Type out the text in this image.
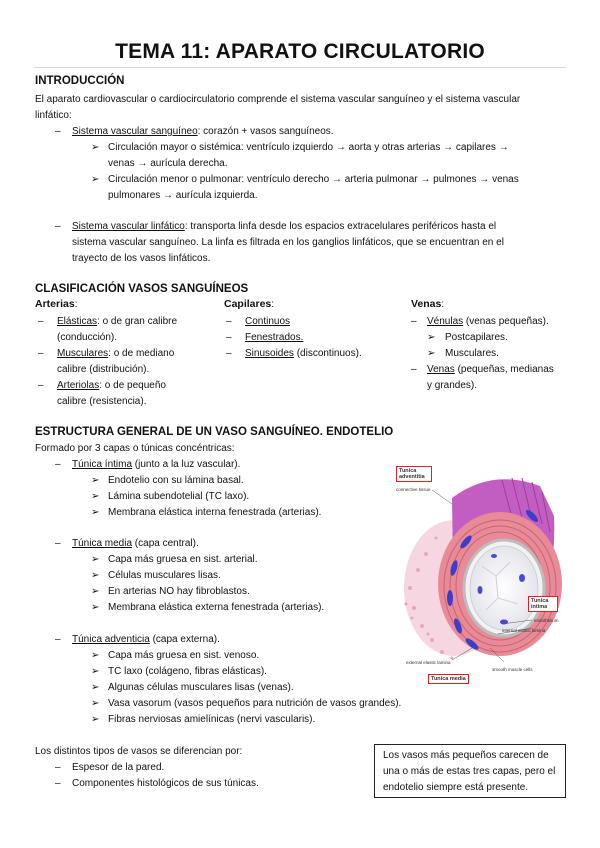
TEMA 11: APARATO CIRCULATORIO
INTRODUCCIÓN
El aparato cardiovascular o cardiocirculatorio comprende el sistema vascular sanguíneo y el sistema vascular
linfático:
– Sistema vascular sanguíneo: corazón + vasos sanguíneos.
➢ Circulación mayor o sistémica: ventrículo izquierdo → aorta y otras arterias → capilares →
venas → aurícula derecha.
➢ Circulación menor o pulmonar: ventrículo derecho → arteria pulmonar → pulmones → venas
pulmonares → aurícula izquierda.
– Sistema vascular linfático: transporta linfa desde los espacios extracelulares periféricos hasta el
sistema vascular sanguíneo. La linfa es filtrada en los ganglios linfáticos, que se encuentran en el
trayecto de los vasos linfáticos.
CLASIFICACIÓN VASOS SANGUÍNEOS
Arterias:
– Elásticas: o de gran calibre
(conducción).
– Musculares: o de mediano
calibre (distribución).
– Arteriolas: o de pequeño
calibre (resistencia).
Capilares:
– Continuos
– Fenestrados.
– Sinusoides (discontinuos).
Venas:
– Vénulas (venas pequeñas).
➢ Postcapilares.
➢ Musculares.
– Venas (pequeñas, medianas
y grandes).
ESTRUCTURA GENERAL DE UN VASO SANGUÍNEO. ENDOTELIO
Formado por 3 capas o túnicas concéntricas:
– Túnica íntima (junto a la luz vascular).
➢ Endotelio con su lámina basal.
➢ Lámina subendotelial (TC laxo).
➢ Membrana elástica interna fenestrada (arterias).
– Túnica media (capa central).
➢ Capa más gruesa en sist. arterial.
➢ Células musculares lisas.
➢ En arterias NO hay fibroblastos.
➢ Membrana elástica externa fenestrada (arterias).
– Túnica adventicia (capa externa).
➢ Capa más gruesa en sist. venoso.
➢ TC laxo (colágeno, fibras elásticas).
➢ Algunas células musculares lisas (venas).
➢ Vasa vasorum (vasos pequeños para nutrición de vasos grandes).
➢ Fibras nerviosas amielínicas (nervi vascularis).
Los distintos tipos de vasos se diferencian por:
– Espesor de la pared.
– Componentes histológicos de sus túnicas.
Los vasos más pequeños carecen de una o más de estas tres capas, pero el endotelio siempre está presente.
Tunica adventitia
connective tissue
Tunica intima
endothelium
internal elastic lamina
external elastic lamina
smooth muscle cells
Tunica media
